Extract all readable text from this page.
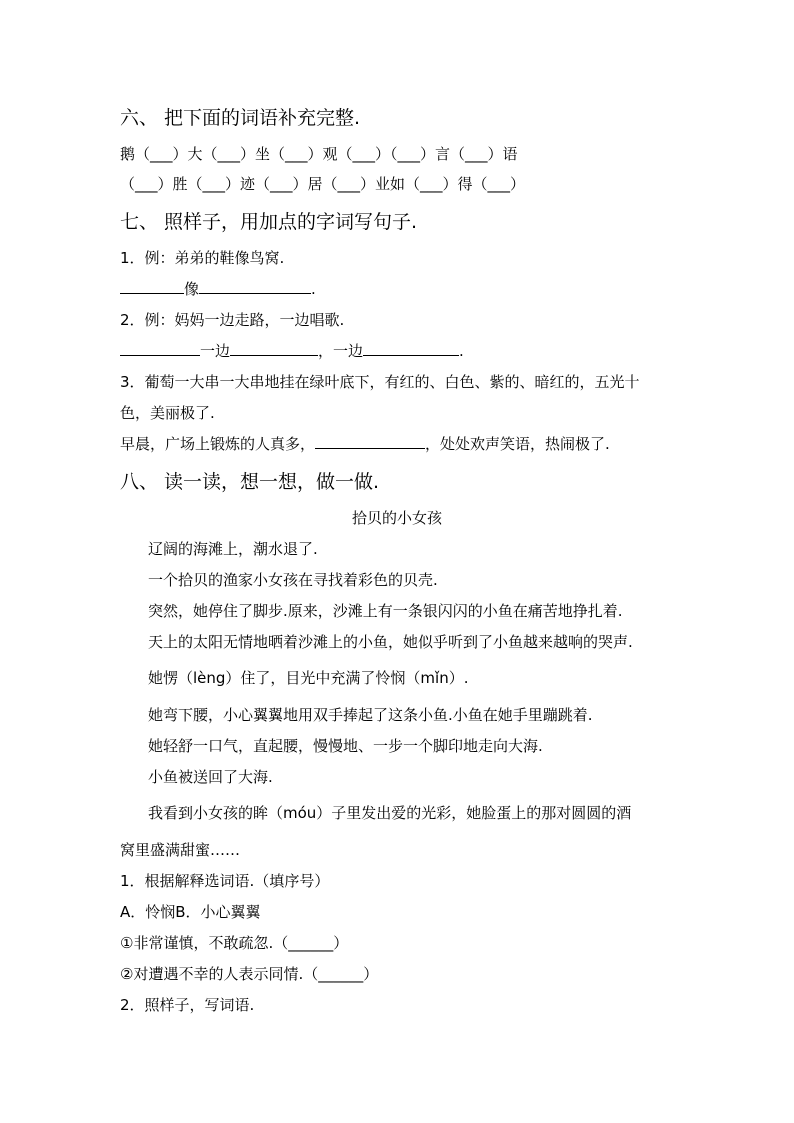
六、 把下面的词语补充完整.
鹅（___）大（___）坐（___）观（___）（___）言（___）语
（___）胜（___）迹（___）居（___）业如（___）得（___）
七、 照样子，用加点的字词写句子.
1．例：弟弟的鞋像鸟窝.
像	.
2．例：妈妈一边走路，一边唱歌.
一边	，一边	.
3．葡萄一大串一大串地挂在绿叶底下，有红的、白色、紫的、暗红的，五光十
色，美丽极了.
早晨，广场上锻炼的人真多，	，处处欢声笑语，热闹极了.
八、 读一读，想一想，做一做.
拾贝的小女孩
辽阔的海滩上，潮水退了.
一个拾贝的渔家小女孩在寻找着彩色的贝壳.
突然，她停住了脚步.原来，沙滩上有一条银闪闪的小鱼在痛苦地挣扎着.
天上的太阳无情地晒着沙滩上的小鱼，她似乎听到了小鱼越来越响的哭声.
她愣（lèng）住了，目光中充满了怜悯（mǐn）.
她弯下腰，小心翼翼地用双手捧起了这条小鱼.小鱼在她手里蹦跳着.
她轻舒一口气，直起腰，慢慢地、一步一个脚印地走向大海.
小鱼被送回了大海.
我看到小女孩的眸（móu）子里发出爱的光彩，她脸蛋上的那对圆圆的酒
窝里盛满甜蜜……
1．根据解释选词语.（填序号）
A．怜悯B．小心翼翼
①非常谨慎，不敢疏忽.（______）
②对遭遇不幸的人表示同情.（______）
2．照样子，写词语.
